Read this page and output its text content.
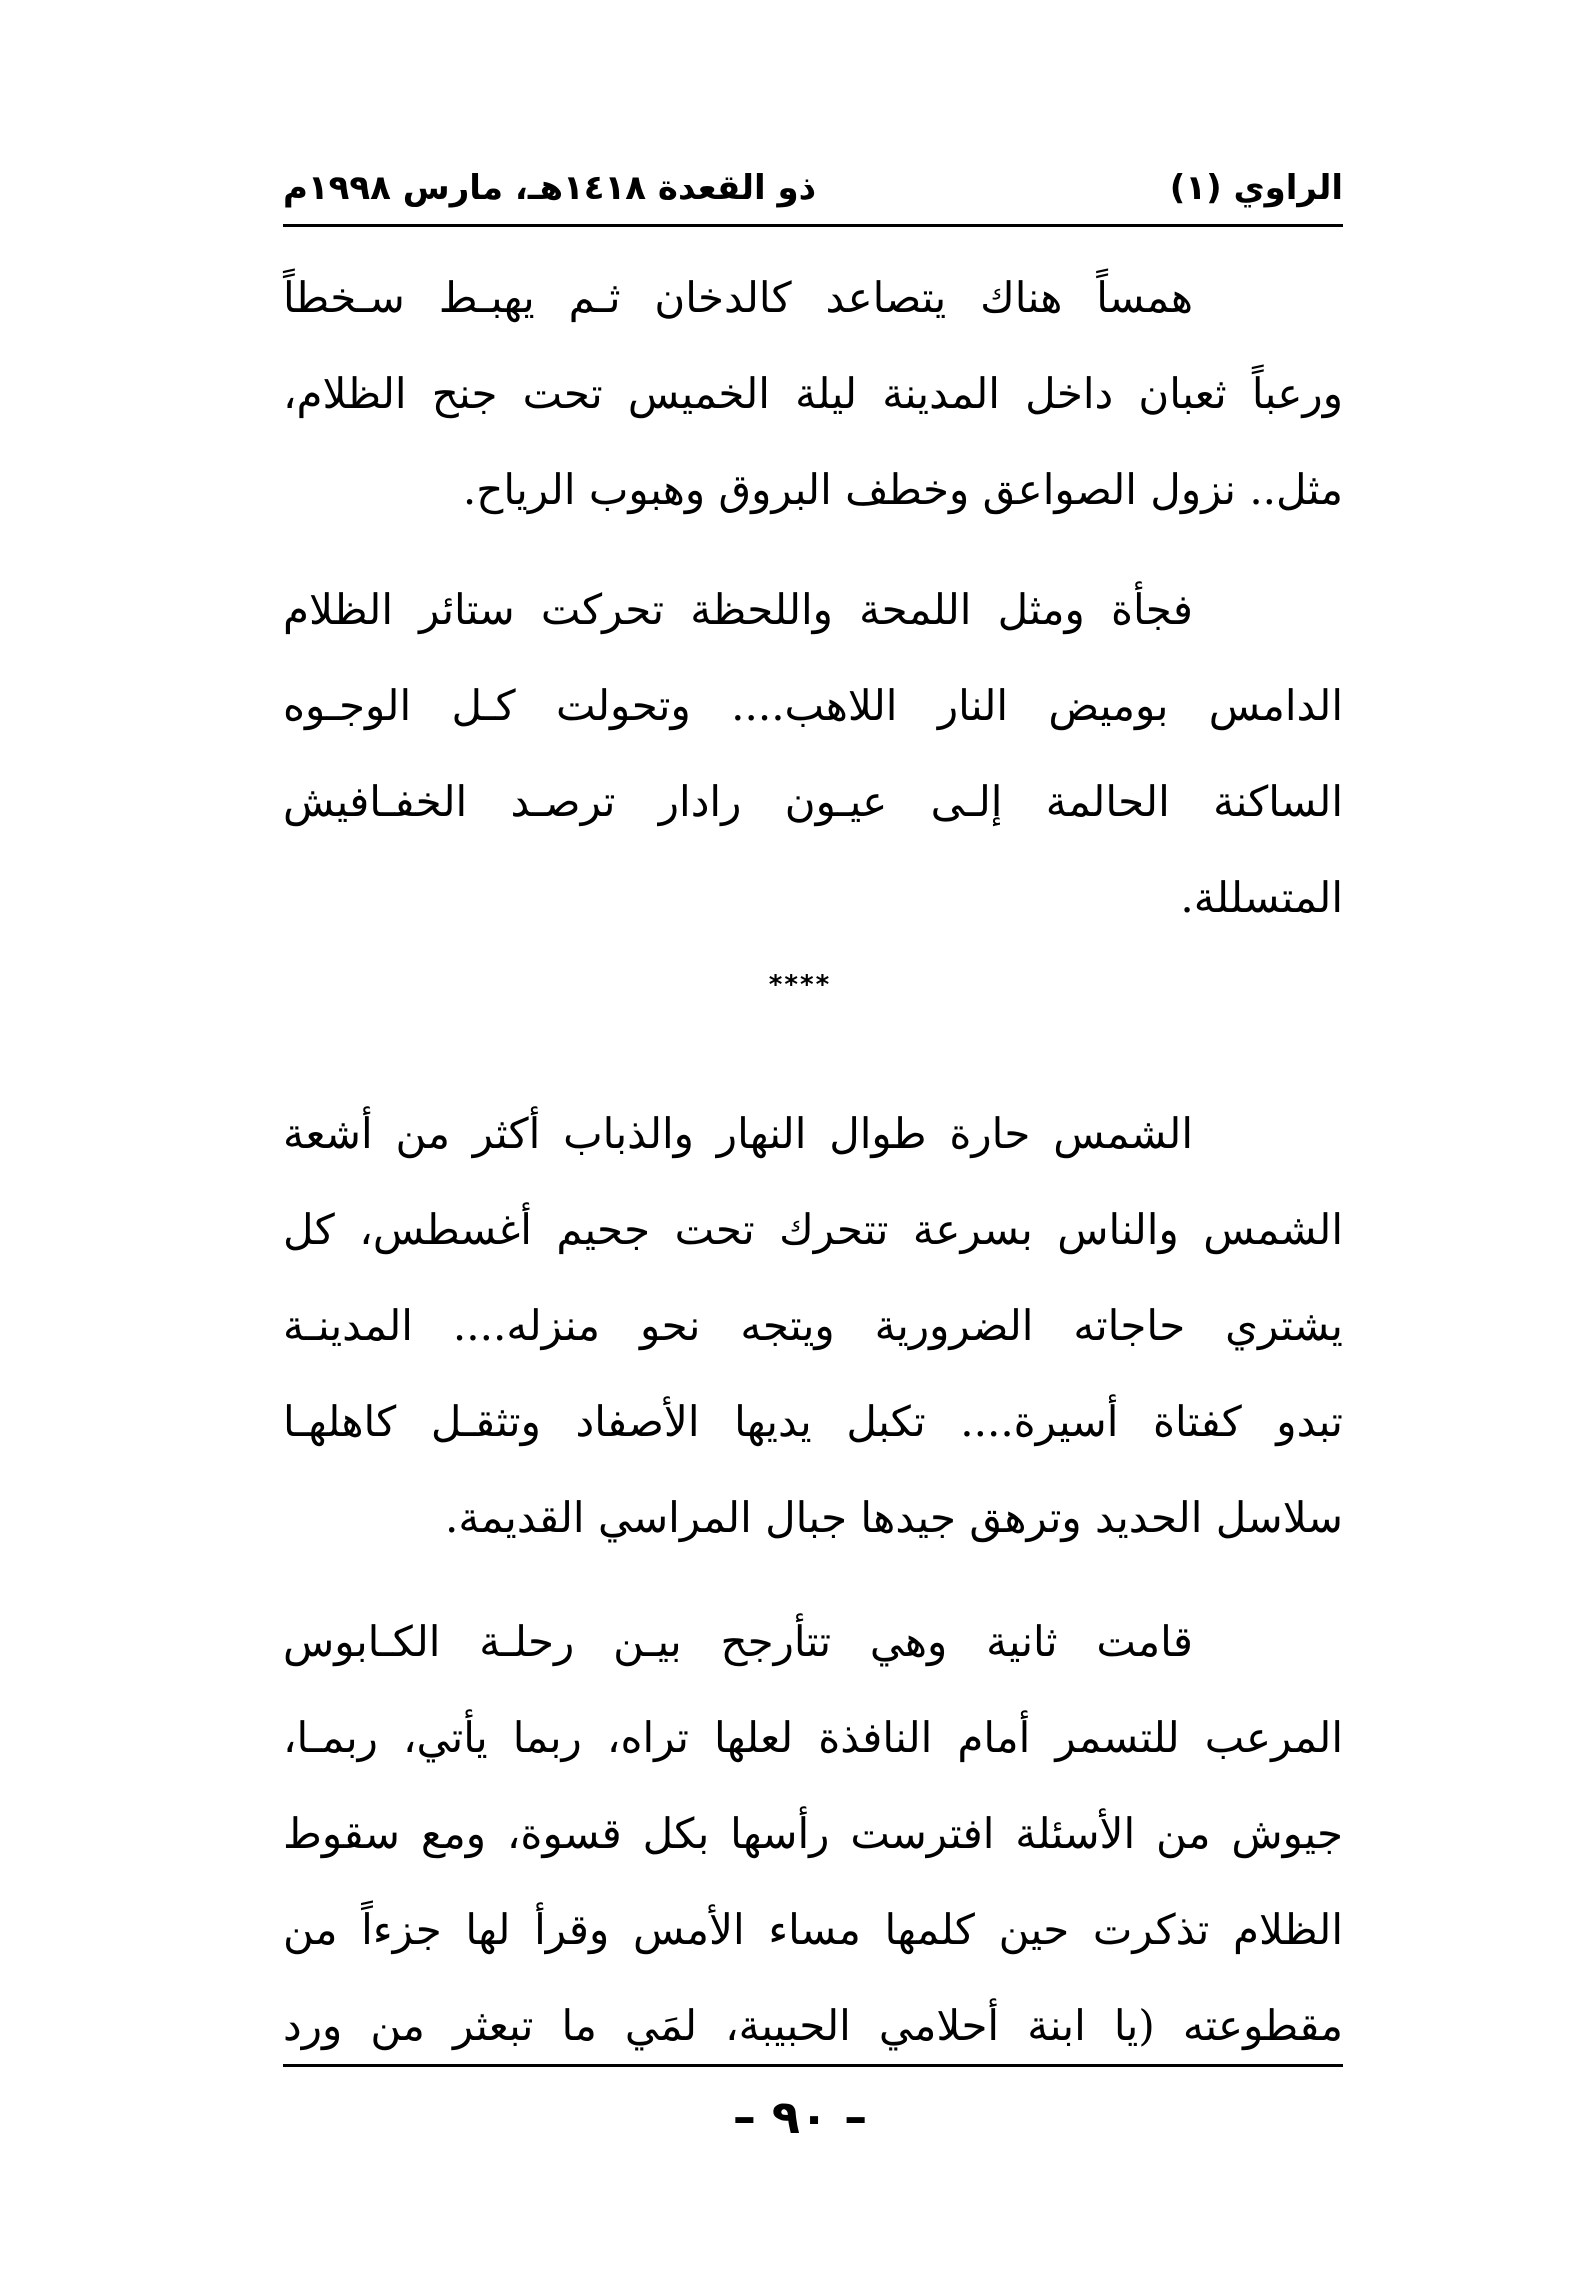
الراوي (١)
ذو القعدة ١٤١٨هـ، مارس ١٩٩٨م

همساً هناك يتصاعد كالدخان ثـم يهبـط سـخطاً
ورعباً ثعبان داخل المدينة ليلة الخميس تحت جنح الظلام،
مثل.. نزول الصواعق وخطف البروق وهبوب الرياح.

فجأة ومثل اللمحة واللحظة تحركت ستائر الظلام
الدامس بوميض النار اللاهب.... وتحولت كـل الوجـوه
الساكنة الحالمة إلـى عيـون رادار ترصـد الخفـافيش
المتسللة.

****

الشمس حارة طوال النهار والذباب أكثر من أشعة
الشمس والناس بسرعة تتحرك تحت جحيم أغسطس، كل
يشتري حاجاته الضرورية ويتجه نحو منزله.... المدينـة
تبدو كفتاة أسيرة.... تكبل يديها الأصفاد وتثقـل كاهلهـا
سلاسل الحديد وترهق جيدها جبال المراسي القديمة.

قامت ثانية وهي تتأرجح بيـن رحلـة الكـابوس
المرعب للتسمر أمام النافذة لعلها تراه، ربما يأتي، ربمـا،
جيوش من الأسئلة افترست رأسها بكل قسوة، ومع سقوط
الظلام تذكرت حين كلمها مساء الأمس وقرأ لها جزءاً من
مقطوعته (يا ابنة أحلامي الحبيبة، لمَي ما تبعثر من ورد

– ٩٠ –
